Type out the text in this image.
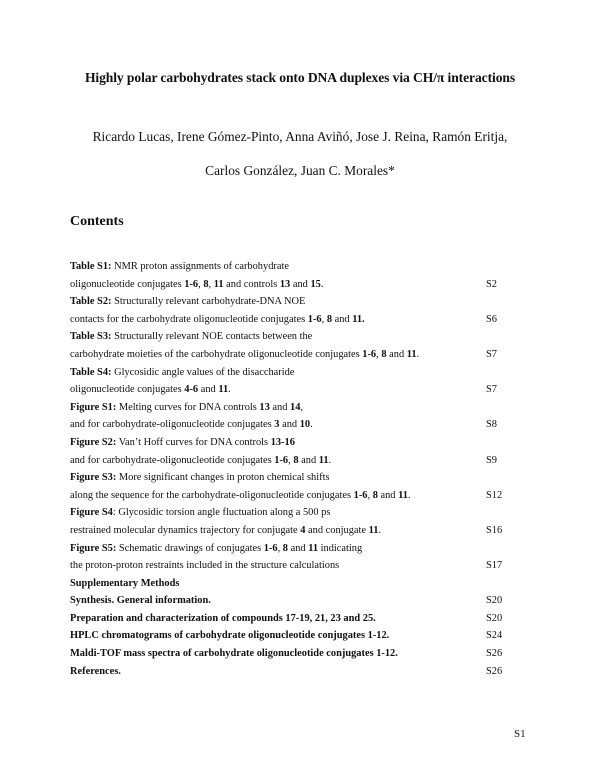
Highly polar carbohydrates stack onto DNA duplexes via CH/π interactions
Ricardo Lucas, Irene Gómez-Pinto, Anna Aviñó, Jose J. Reina, Ramón Eritja,
Carlos González, Juan C. Morales*
Contents
Table S1: NMR proton assignments of carbohydrate
oligonucleotide conjugates 1-6, 8, 11 and controls 13 and 15.	S2
Table S2: Structurally relevant carbohydrate-DNA NOE
contacts for the carbohydrate oligonucleotide conjugates 1-6, 8 and 11.	S6
Table S3: Structurally relevant NOE contacts between the
carbohydrate moieties of the carbohydrate oligonucleotide conjugates 1-6, 8 and 11.	S7
Table S4: Glycosidic angle values of the disaccharide
oligonucleotide conjugates 4-6 and 11.	S7
Figure S1: Melting curves for DNA controls 13 and 14,
and for carbohydrate-oligonucleotide conjugates 3 and 10.	S8
Figure S2: Van’t Hoff curves for DNA controls 13-16
and for carbohydrate-oligonucleotide conjugates 1-6, 8 and 11.	S9
Figure S3: More significant changes in proton chemical shifts
along the sequence for the carbohydrate-oligonucleotide conjugates 1-6, 8 and 11.	S12
Figure S4: Glycosidic torsion angle fluctuation along a 500 ps
restrained molecular dynamics trajectory for conjugate 4 and conjugate 11.	S16
Figure S5: Schematic drawings of conjugates 1-6, 8 and 11 indicating
the proton-proton restraints included in the structure calculations	S17
Supplementary Methods
Synthesis. General information.	S20
Preparation and characterization of compounds 17-19, 21, 23 and 25.	S20
HPLC chromatograms of carbohydrate oligonucleotide conjugates 1-12.	S24
Maldi-TOF mass spectra of carbohydrate oligonucleotide conjugates 1-12.	S26
References.	S26
S1
